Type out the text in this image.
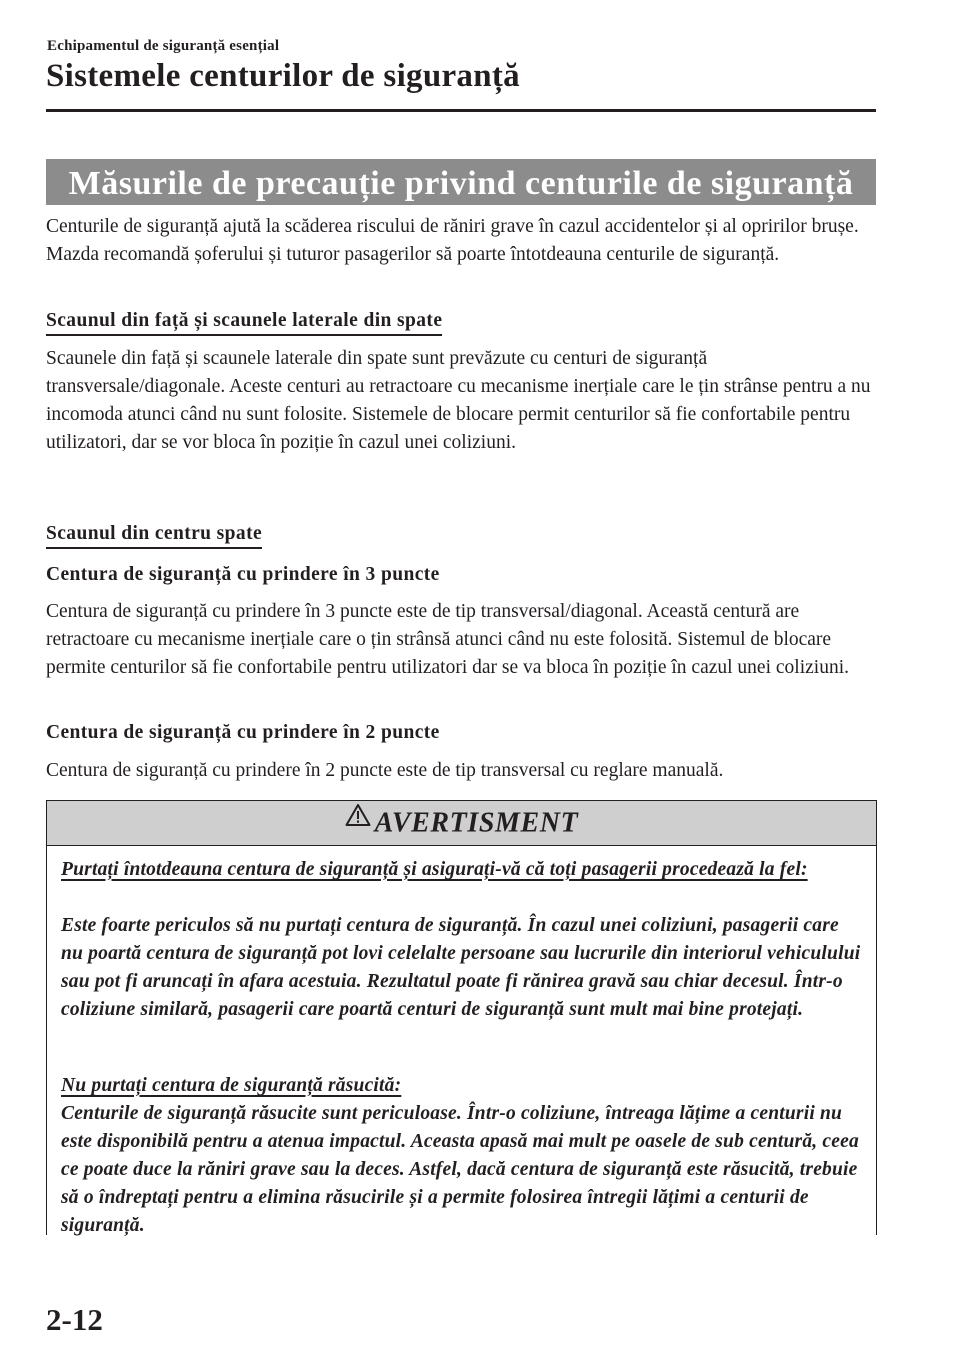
Echipamentul de siguranță esențial
Sistemele centurilor de siguranță
Măsurile de precauție privind centurile de siguranță

Centurile de siguranță ajută la scăderea riscului de răniri grave în cazul accidentelor și al opririlor brușe. Mazda recomandă șoferului și tuturor pasagerilor să poarte întotdeauna centurile de siguranță.

Scaunul din față și scaunele laterale din spate

Scaunele din față și scaunele laterale din spate sunt prevăzute cu centuri de siguranță transversale/diagonale. Aceste centuri au retractoare cu mecanisme inerțiale care le țin strânse pentru a nu incomoda atunci când nu sunt folosite. Sistemele de blocare permit centurilor să fie confortabile pentru utilizatori, dar se vor bloca în poziție în cazul unei coliziuni.

Scaunul din centru spate
Centura de siguranță cu prindere în 3 puncte

Centura de siguranță cu prindere în 3 puncte este de tip transversal/diagonal. Această centură are retractoare cu mecanisme inerțiale care o țin strânsă atunci când nu este folosită. Sistemul de blocare permite centurilor să fie confortabile pentru utilizatori dar se va bloca în poziție în cazul unei coliziuni.

Centura de siguranță cu prindere în 2 puncte

Centura de siguranță cu prindere în 2 puncte este de tip transversal cu reglare manuală.

AVERTISMENT

Purtați întotdeauna centura de siguranță și asigurați-vă că toți pasagerii procedează la fel:

Este foarte periculos să nu purtați centura de siguranță. În cazul unei coliziuni, pasagerii care nu poartă centura de siguranță pot lovi celelalte persoane sau lucrurile din interiorul vehiculului sau pot fi aruncați în afara acestuia. Rezultatul poate fi rănirea gravă sau chiar decesul. Într-o coliziune similară, pasagerii care poartă centuri de siguranță sunt mult mai bine protejați.

Nu purtați centura de siguranță răsucită:

Centurile de siguranță răsucite sunt periculoase. Într-o coliziune, întreaga lățime a centurii nu este disponibilă pentru a atenua impactul. Aceasta apasă mai mult pe oasele de sub centură, ceea ce poate duce la răniri grave sau la deces. Astfel, dacă centura de siguranță este răsucită, trebuie să o îndreptați pentru a elimina răsucirile și a permite folosirea întregii lățimi a centurii de siguranță.

2-12
